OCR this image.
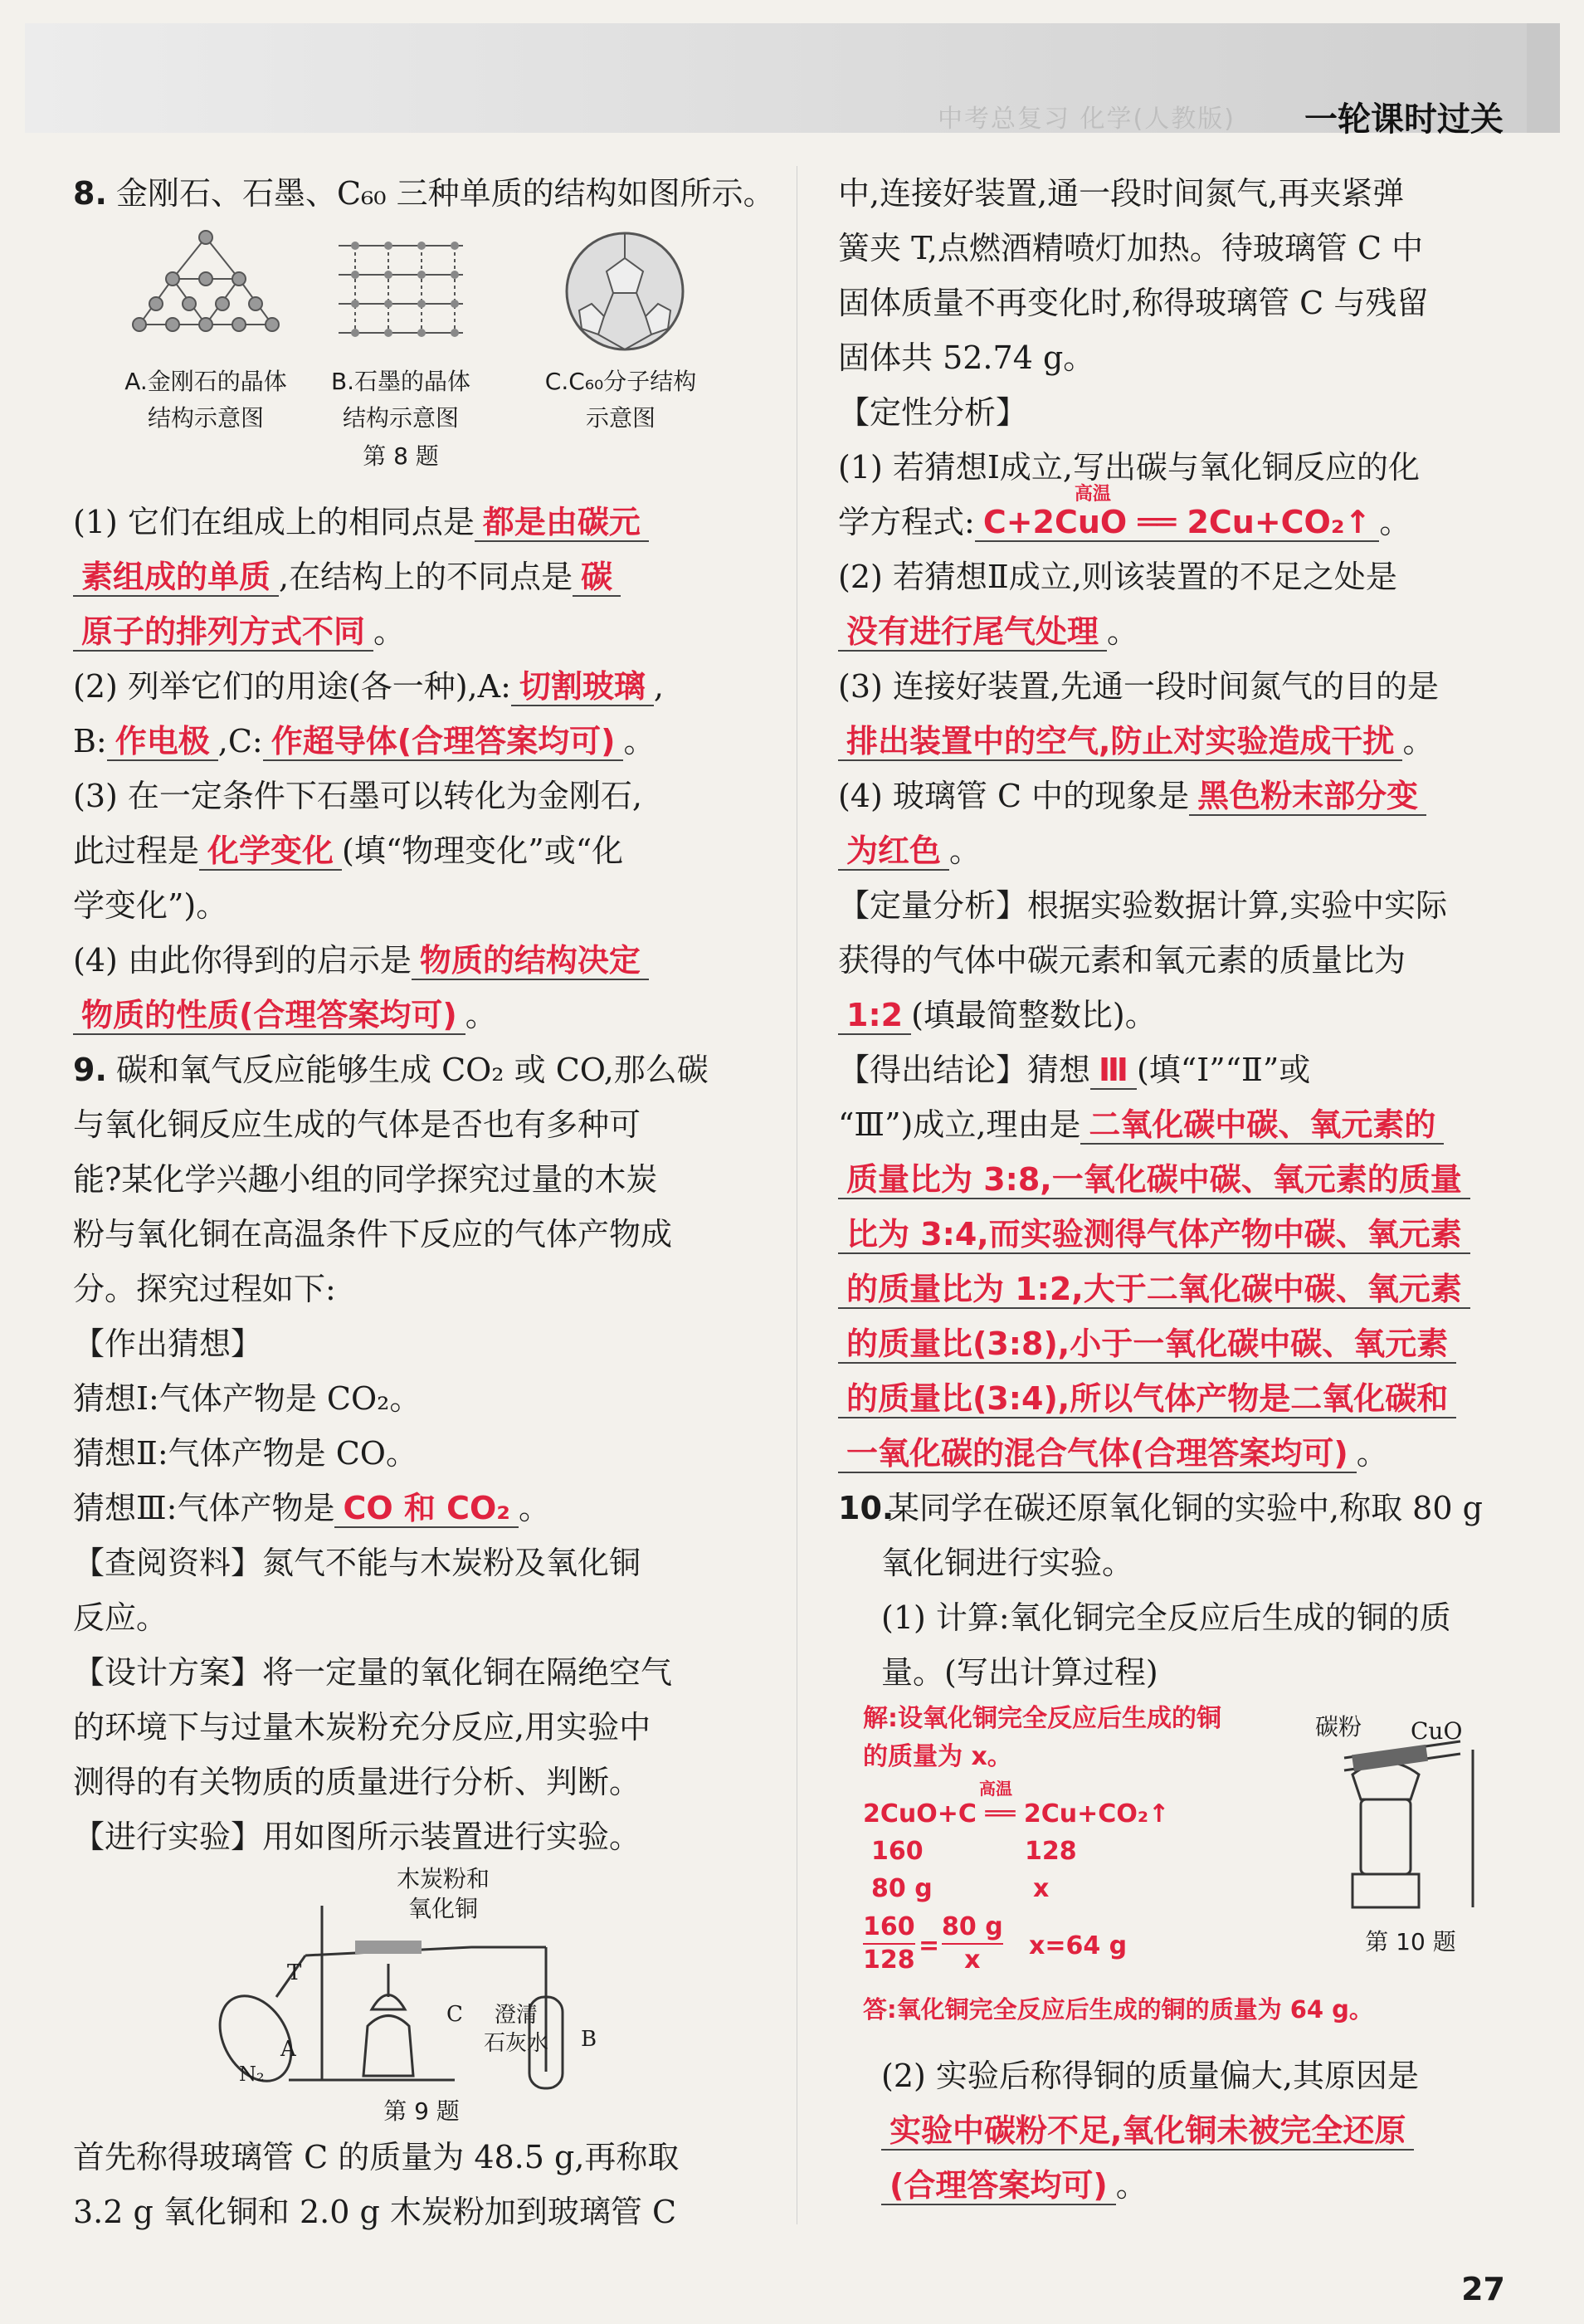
中考总复习 化学(人教版) 一轮课时过关
8. 金刚石、石墨、C₆₀ 三种单质的结构如图所示。
A.金刚石的晶体
结构示意图
B.石墨的晶体
结构示意图
C.C₆₀分子结构
示意图
第 8 题
(1) 它们在组成上的相同点是 都是由碳元
素组成的单质 ,在结构上的不同点是 碳
原子的排列方式不同 。
(2) 列举它们的用途(各一种),A: 切割玻璃 ,
B: 作电极 ,C: 作超导体(合理答案均可) 。
(3) 在一定条件下石墨可以转化为金刚石,
此过程是 化学变化 (填“物理变化”或“化
学变化”)。
(4) 由此你得到的启示是 物质的结构决定
物质的性质(合理答案均可) 。
9. 碳和氧气反应能够生成 CO₂ 或 CO,那么碳
与氧化铜反应生成的气体是否也有多种可
能?某化学兴趣小组的同学探究过量的木炭
粉与氧化铜在高温条件下反应的气体产物成
分。探究过程如下:
【作出猜想】
猜想Ⅰ:气体产物是 CO₂。
猜想Ⅱ:气体产物是 CO。
猜想Ⅲ:气体产物是 CO 和 CO₂ 。
【查阅资料】氮气不能与木炭粉及氧化铜
反应。
【设计方案】将一定量的氧化铜在隔绝空气
的环境下与过量木炭粉充分反应,用实验中
测得的有关物质的质量进行分析、判断。
【进行实验】用如图所示装置进行实验。
木炭粉和
氧化铜
T
C
A	B
N₂
澄清
石灰水
第 9 题
首先称得玻璃管 C 的质量为 48.5 g,再称取
3.2 g 氧化铜和 2.0 g 木炭粉加到玻璃管 C
中,连接好装置,通一段时间氮气,再夹紧弹
簧夹 T,点燃酒精喷灯加热。待玻璃管 C 中
固体质量不再变化时,称得玻璃管 C 与残留
固体共 52.74 g。
【定性分析】
(1) 若猜想Ⅰ成立,写出碳与氧化铜反应的化
学方程式:
高温
C+2CuO ══ 2Cu+CO₂↑ 。
(2) 若猜想Ⅱ成立,则该装置的不足之处是
没有进行尾气处理 。
(3) 连接好装置,先通一段时间氮气的目的是
排出装置中的空气,防止对实验造成干扰 。
(4) 玻璃管 C 中的现象是 黑色粉末部分变
为红色 。
【定量分析】根据实验数据计算,实验中实际
获得的气体中碳元素和氧元素的质量比为
1:2 (填最简整数比)。
【得出结论】猜想 Ⅲ (填“Ⅰ”“Ⅱ”或
“Ⅲ”)成立,理由是 二氧化碳中碳、氧元素的
质量比为 3:8,一氧化碳中碳、氧元素的质量
比为 3:4,而实验测得气体产物中碳、氧元素
的质量比为 1:2,大于二氧化碳中碳、氧元素
的质量比(3:8),小于一氧化碳中碳、氧元素
的质量比(3:4),所以气体产物是二氧化碳和
一氧化碳的混合气体(合理答案均可) 。
10.某同学在碳还原氧化铜的实验中,称取 80 g
氧化铜进行实验。
(1) 计算:氧化铜完全反应后生成的铜的质
量。(写出计算过程)
解:设氧化铜完全反应后生成的铜
的质量为 x。
高温
2CuO+C ══ 2Cu+CO₂↑
160	128
80 g	x
160
128 =
80 g
x	x=64 g
答:氧化铜完全反应后生成的铜的质量为 64 g。
碳粉 CuO
第 10 题
(2) 实验后称得铜的质量偏大,其原因是
实验中碳粉不足,氧化铜未被完全还原
(合理答案均可) 。
27
